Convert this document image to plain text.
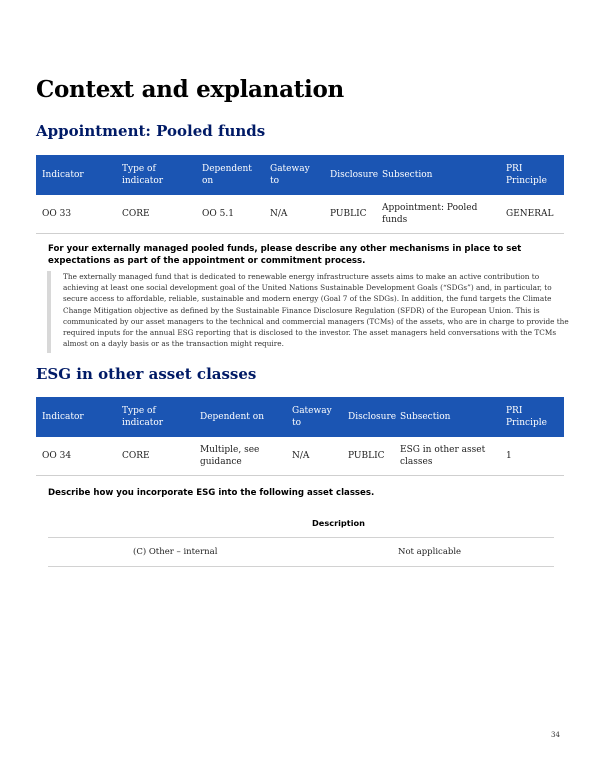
Context and explanation
Appointment: Pooled funds
Indicator	Type of indicator	Dependent on	Gateway to	Disclosure	Subsection	PRI Principle
OO 33	CORE	OO 5.1	N/A	PUBLIC	Appointment: Pooled funds	GENERAL
For your externally managed pooled funds, please describe any other mechanisms in place to set expectations as part of the appointment or commitment process.
The externally managed fund that is dedicated to renewable energy infrastructure assets aims to make an active contribution to achieving at least one social development goal of the United Nations Sustainable Development Goals (“SDGs”) and, in particular, to secure access to affordable, reliable, sustainable and modern energy (Goal 7 of the SDGs). In addition, the fund targets the Climate Change Mitigation objective as defined by the Sustainable Finance Disclosure Regulation (SFDR) of the European Union. This is communicated by our asset managers to the technical and commercial managers (TCMs) of the assets, who are in charge to provide the required inputs for the annual ESG reporting that is disclosed to the investor. The asset managers held conversations with the TCMs almost on a dayly basis or as the transaction might require.
ESG in other asset classes
Indicator	Type of indicator	Dependent on	Gateway to	Disclosure	Subsection	PRI Principle
OO 34	CORE	Multiple, see guidance	N/A	PUBLIC	ESG in other asset classes	1
Describe how you incorporate ESG into the following asset classes.
Description
(C) Other – internal	Not applicable
34
